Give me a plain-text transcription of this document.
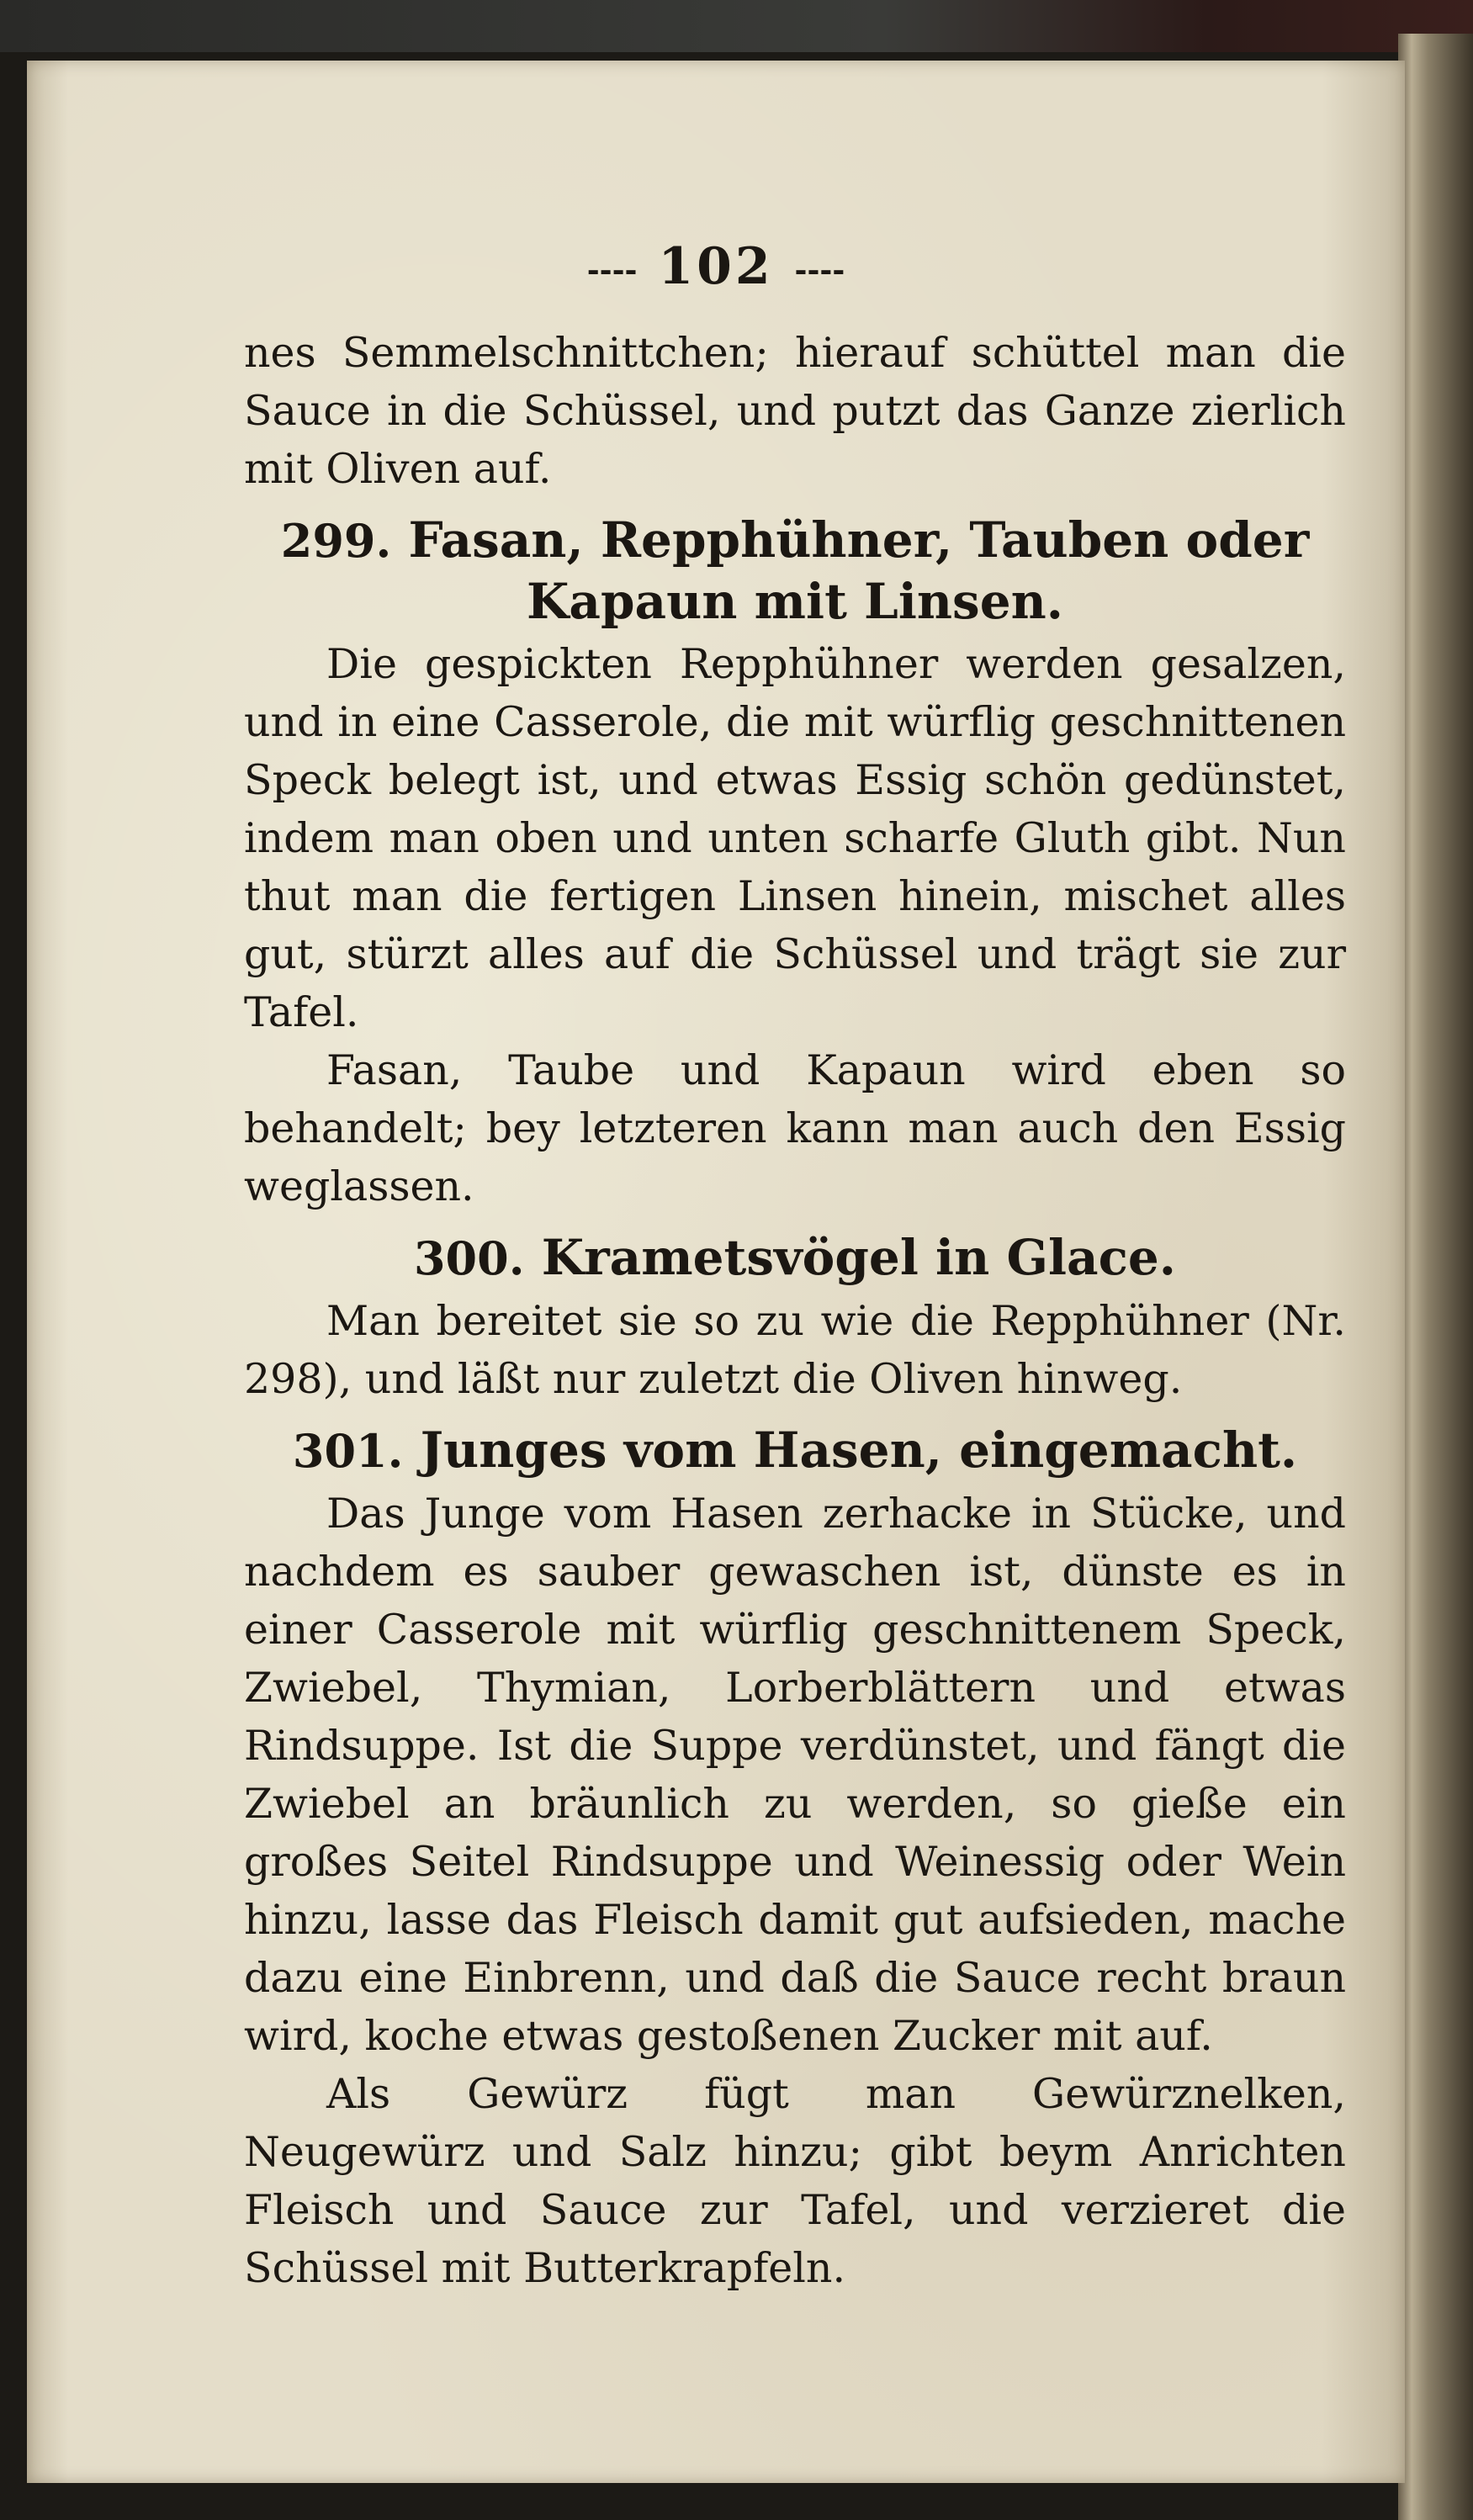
---- 102 ----

nes Semmelschnittchen; hierauf schüttel man die Sauce in die Schüssel, und putzt das Ganze zierlich mit Oliven auf.

299. Fasan, Repphühner, Tauben oder Kapaun mit Linsen.

Die gespickten Repphühner werden gesalzen, und in eine Casserole, die mit würflig geschnittenen Speck belegt ist, und etwas Essig schön gedünstet, indem man oben und unten scharfe Gluth gibt. Nun thut man die fertigen Linsen hinein, mischet alles gut, stürzt alles auf die Schüssel und trägt sie zur Tafel.

Fasan, Taube und Kapaun wird eben so behandelt; bey letzteren kann man auch den Essig weglassen.

300. Krametsvögel in Glace.

Man bereitet sie so zu wie die Repphühner (Nr. 298), und läßt nur zuletzt die Oliven hinweg.

301. Junges vom Hasen, eingemacht.

Das Junge vom Hasen zerhacke in Stücke, und nachdem es sauber gewaschen ist, dünste es in einer Casserole mit würflig geschnittenem Speck, Zwiebel, Thymian, Lorberblättern und etwas Rindsuppe. Ist die Suppe verdünstet, und fängt die Zwiebel an bräunlich zu werden, so gieße ein großes Seitel Rindsuppe und Weinessig oder Wein hinzu, lasse das Fleisch damit gut aufsieden, mache dazu eine Einbrenn, und daß die Sauce recht braun wird, koche etwas gestoßenen Zucker mit auf.

Als Gewürz fügt man Gewürznelken, Neugewürz und Salz hinzu; gibt beym Anrichten Fleisch und Sauce zur Tafel, und verzieret die Schüssel mit Butterkrapfeln.
